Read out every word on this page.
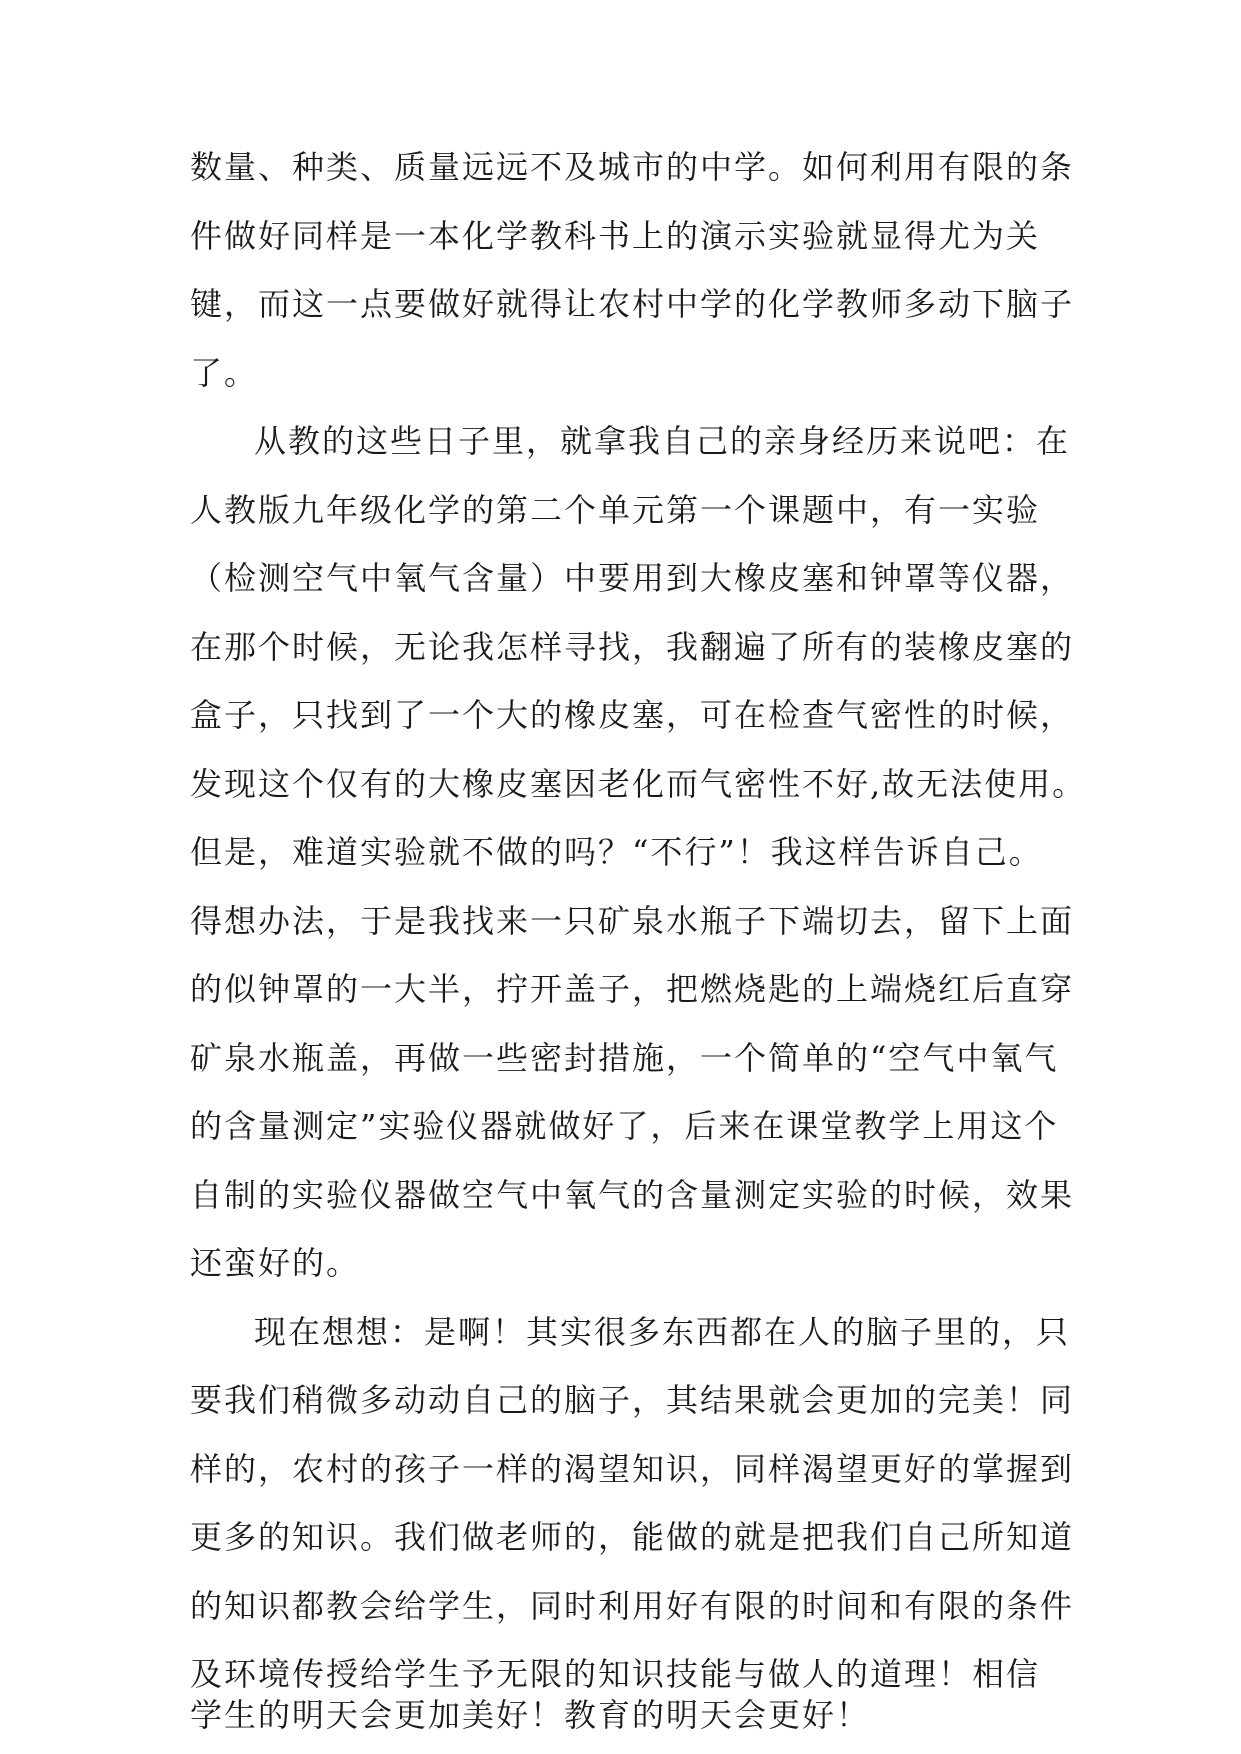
数量、种类、质量远远不及城市的中学。如何利用有限的条
件做好同样是一本化学教科书上的演示实验就显得尤为关
键，而这一点要做好就得让农村中学的化学教师多动下脑子
了。
从教的这些日子里，就拿我自己的亲身经历来说吧：在
人教版九年级化学的第二个单元第一个课题中，有一实验
（检测空气中氧气含量）中要用到大橡皮塞和钟罩等仪器，
在那个时候，无论我怎样寻找，我翻遍了所有的装橡皮塞的
盒子，只找到了一个大的橡皮塞，可在检查气密性的时候，
发现这个仅有的大橡皮塞因老化而气密性不好,故无法使用。
但是，难道实验就不做的吗？“不行”！我这样告诉自己。
得想办法，于是我找来一只矿泉水瓶子下端切去，留下上面
的似钟罩的一大半，拧开盖子，把燃烧匙的上端烧红后直穿
矿泉水瓶盖，再做一些密封措施，一个简单的“空气中氧气
的含量测定”实验仪器就做好了，后来在课堂教学上用这个
自制的实验仪器做空气中氧气的含量测定实验的时候，效果
还蛮好的。
现在想想：是啊！其实很多东西都在人的脑子里的，只
要我们稍微多动动自己的脑子，其结果就会更加的完美！同
样的，农村的孩子一样的渴望知识，同样渴望更好的掌握到
更多的知识。我们做老师的，能做的就是把我们自己所知道
的知识都教会给学生，同时利用好有限的时间和有限的条件
及环境传授给学生予无限的知识技能与做人的道理！相信
学生的明天会更加美好！教育的明天会更好！
